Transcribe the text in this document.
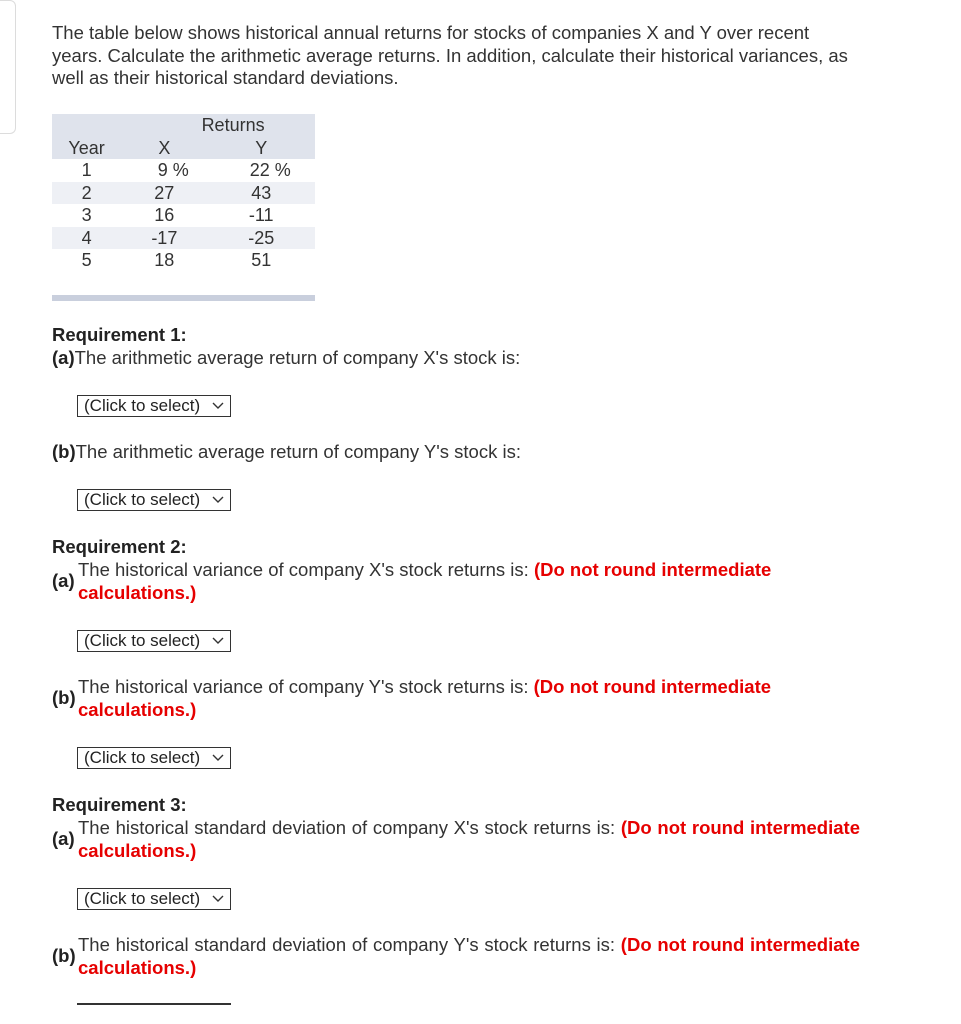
The table below shows historical annual returns for stocks of companies X and Y over recent years. Calculate the arithmetic average returns. In addition, calculate their historical variances, as well as their historical standard deviations.

	Returns	
Year	X	Y
1	9 %	22 %
2	27	43
3	16	-11
4	-17	-25
5	18	51
Requirement 1:
(a)The arithmetic average return of company X's stock is:
(Click to select)
(b)The arithmetic average return of company Y's stock is:
(Click to select)
Requirement 2:
(a)
The historical variance of company X's stock returns is: (Do not round intermediate calculations.)
(Click to select)
(b)
The historical variance of company Y's stock returns is: (Do not round intermediate calculations.)
(Click to select)
Requirement 3:
(a)
The historical standard deviation of company X's stock returns is: (Do not round intermediate calculations.)
(Click to select)
(b)
The historical standard deviation of company Y's stock returns is: (Do not round intermediate calculations.)
